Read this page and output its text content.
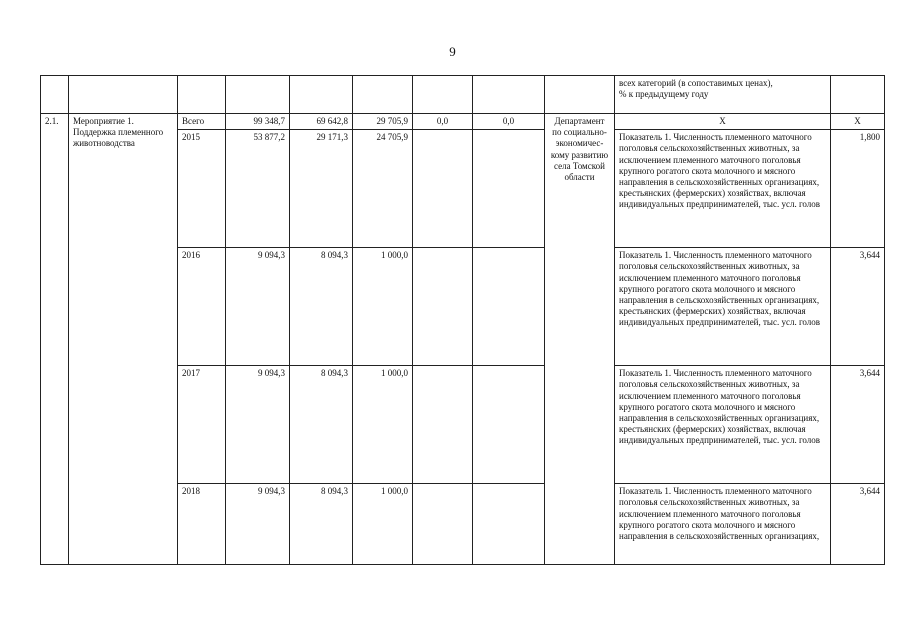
9
									всех категорий (в сопоставимых ценах),
% к предыдущему году	
2.1.	Мероприятие 1. Поддержка племенного животноводства	Всего	99 348,7	69 642,8	29 705,9	0,0	0,0	Департамент по социально-экономичес-кому развитию села Томской области	Х	Х
		2015	53 877,2	29 171,3	24 705,9				Показатель 1. Численность племенного маточного поголовья сельскохозяйственных животных, за исключением племенного маточного поголовья крупного рогатого скота молочного и мясного направления в сельскохозяйственных организациях, крестьянских (фермерских) хозяйствах, включая индивидуальных предпринимателей, тыс. усл. голов	1,800
		2016	9 094,3	8 094,3	1 000,0				Показатель 1. Численность племенного маточного поголовья сельскохозяйственных животных, за исключением племенного маточного поголовья крупного рогатого скота молочного и мясного направления в сельскохозяйственных организациях, крестьянских (фермерских) хозяйствах, включая индивидуальных предпринимателей, тыс. усл. голов	3,644
		2017	9 094,3	8 094,3	1 000,0				Показатель 1. Численность племенного маточного поголовья сельскохозяйственных животных, за исключением племенного маточного поголовья крупного рогатого скота молочного и мясного направления в сельскохозяйственных организациях, крестьянских (фермерских) хозяйствах, включая индивидуальных предпринимателей, тыс. усл. голов	3,644
		2018	9 094,3	8 094,3	1 000,0				Показатель 1. Численность племенного маточного поголовья сельскохозяйственных животных, за исключением племенного маточного поголовья крупного рогатого скота молочного и мясного направления в сельскохозяйственных организациях,	3,644
